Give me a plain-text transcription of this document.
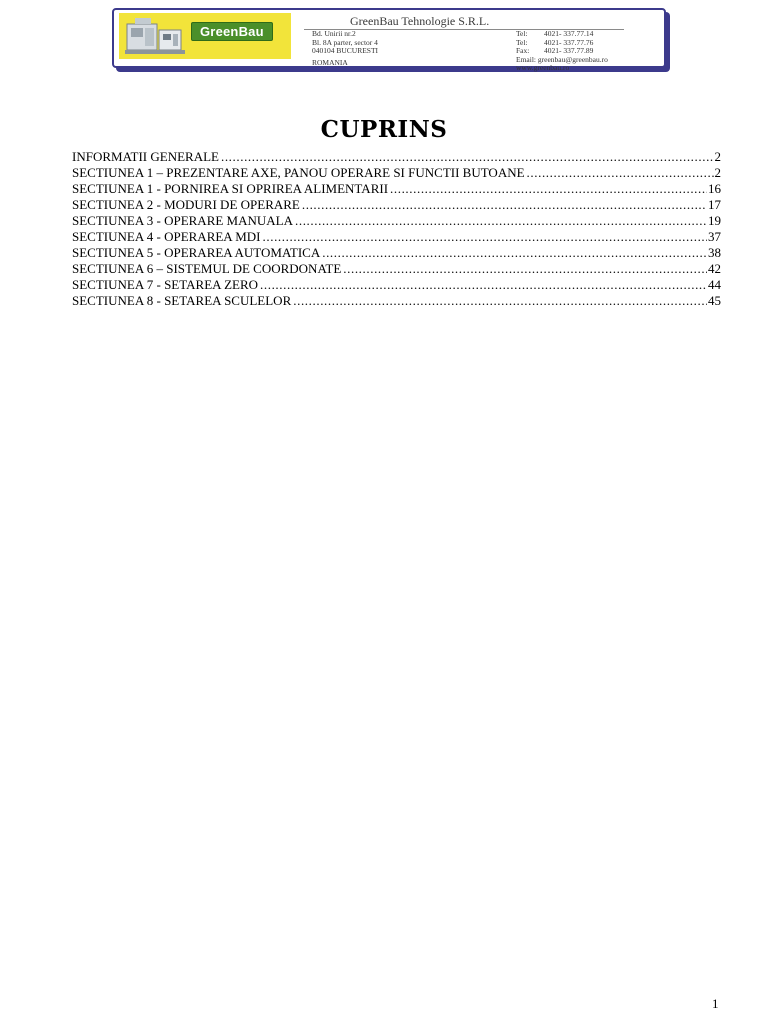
GreenBau
GreenBau Tehnologie S.R.L.
Bd. Unirii nr.2
Bl. 8A parter, sector 4
040104 BUCURESTI
ROMANIA
Tel: 4021- 337.77.14
Tel: 4021- 337.77.76
Fax: 4021- 337.77.89
Email: greenbau@greenbau.ro
www.greenbau.ro
CUPRINS
INFORMATII GENERALE .....	2
SECTIUNEA 1 – PREZENTARE AXE, PANOU OPERARE SI FUNCTII BUTOANE .....	2
SECTIUNEA 1 - PORNIREA SI OPRIREA ALIMENTARII .....	16
SECTIUNEA 2 - MODURI DE OPERARE .....	17
SECTIUNEA 3 - OPERARE MANUALA .....	19
SECTIUNEA 4 - OPERAREA MDI .....	37
SECTIUNEA 5 - OPERAREA AUTOMATICA .....	38
SECTIUNEA 6 – SISTEMUL DE COORDONATE .....	42
SECTIUNEA 7 - SETAREA ZERO .....	44
SECTIUNEA 8 - SETAREA SCULELOR .....	45
1
